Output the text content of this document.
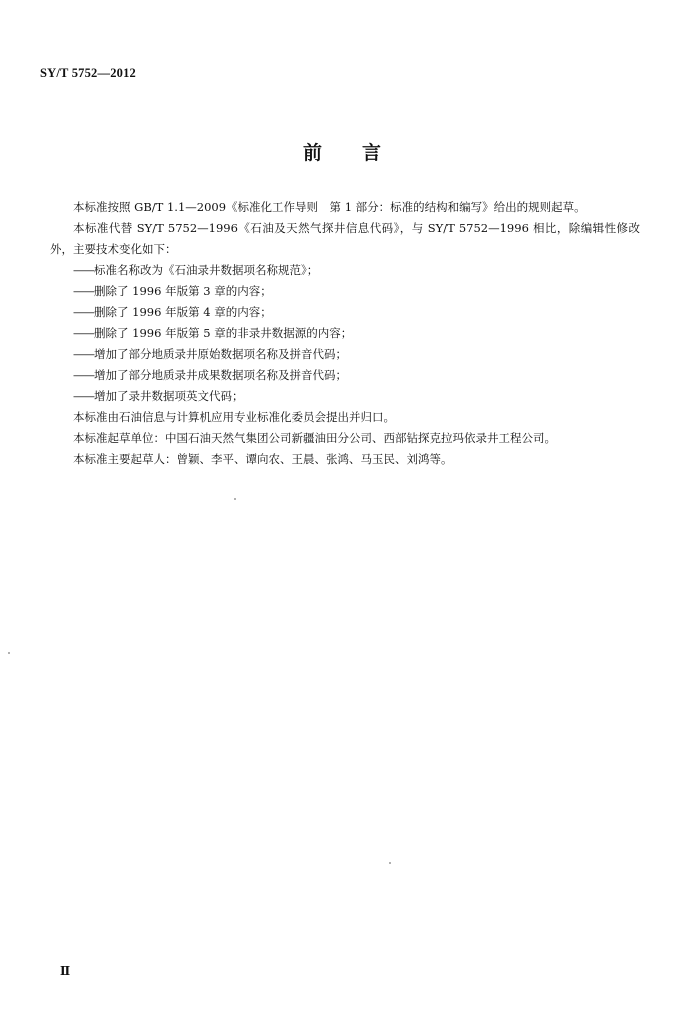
SY/T 5752—2012
前言

本标准按照 GB/T 1.1—2009《标准化工作导则　第 1 部分：标准的结构和编写》给出的规则起草。

本标准代替 SY/T 5752—1996《石油及天然气探井信息代码》，与 SY/T 5752—1996 相比，除编辑性修改外，主要技术变化如下：

——标准名称改为《石油录井数据项名称规范》；
——删除了 1996 年版第 3 章的内容；
——删除了 1996 年版第 4 章的内容；
——删除了 1996 年版第 5 章的非录井数据源的内容；
——增加了部分地质录井原始数据项名称及拼音代码；
——增加了部分地质录井成果数据项名称及拼音代码；
——增加了录井数据项英文代码；

本标准由石油信息与计算机应用专业标准化委员会提出并归口。

本标准起草单位：中国石油天然气集团公司新疆油田分公司、西部钻探克拉玛依录井工程公司。

本标准主要起草人：曾颖、李平、谭向农、王晨、张鸿、马玉民、刘鸿等。

Ⅱ
